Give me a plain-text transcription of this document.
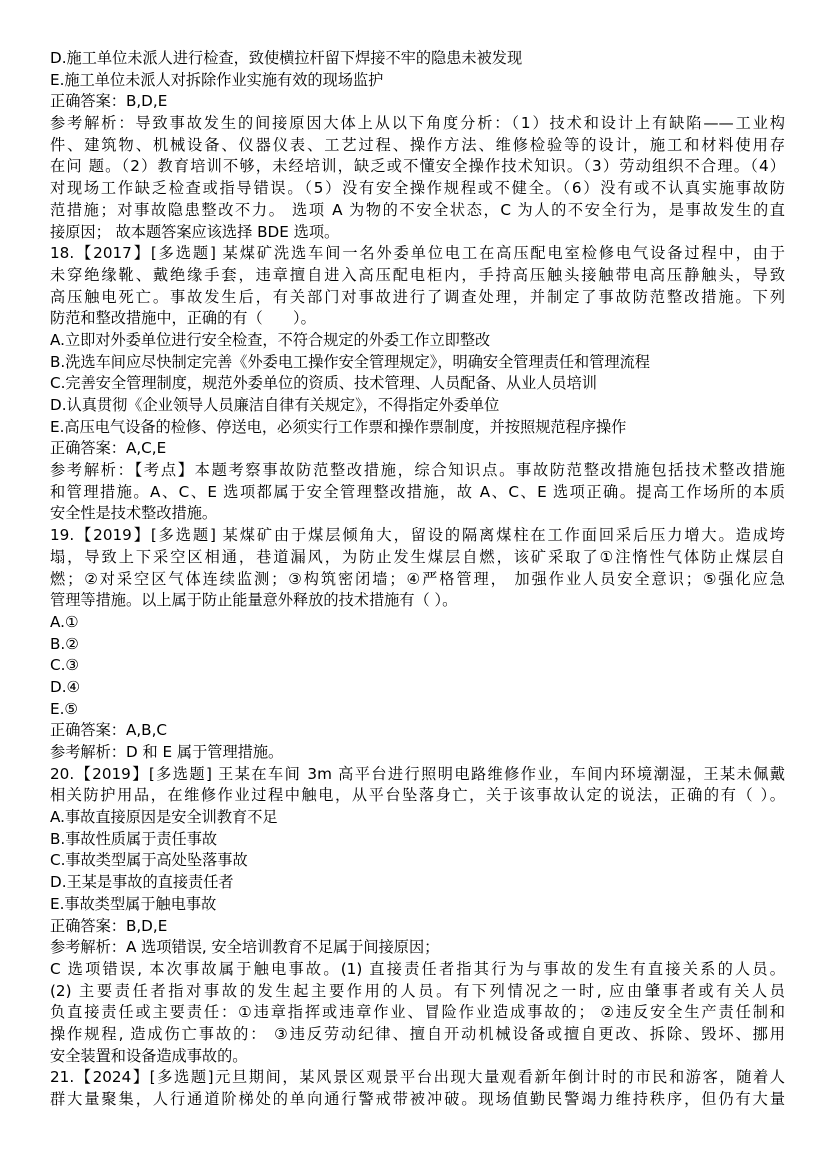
D.施工单位未派人进行检查，致使横拉杆留下焊接不牢的隐患未被发现
E.施工单位未派人对拆除作业实施有效的现场监护
正确答案：B,D,E
参考解析：导致事故发生的间接原因大体上从以下角度分析：（1）技术和设计上有缺陷——工业构
件、建筑物、机械设备、仪器仪表、工艺过程、操作方法、维修检验等的设计，施工和材料使用存
在问 题。（2）教育培训不够，未经培训，缺乏或不懂安全操作技术知识。（3）劳动组织不合理。（4）
对现场工作缺乏检查或指导错误。（5）没有安全操作规程或不健全。（6）没有或不认真实施事故防
范措施；对事故隐患整改不力。 选项 A 为物的不安全状态，C 为人的不安全行为，是事故发生的直
接原因； 故本题答案应该选择 BDE 选项。
18.【2017】[多选题] 某煤矿洗选车间一名外委单位电工在高压配电室检修电气设备过程中，由于
未穿绝缘靴、戴绝缘手套，违章擅自进入高压配电柜内，手持高压触头接触带电高压静触头，导致
高压触电死亡。事故发生后，有关部门对事故进行了调查处理，并制定了事故防范整改措施。下列
防范和整改措施中，正确的有（　　）。
A.立即对外委单位进行安全检查，不符合规定的外委工作立即整改
B.洗选车间应尽快制定完善《外委电工操作安全管理规定》，明确安全管理责任和管理流程
C.完善安全管理制度，规范外委单位的资质、技术管理、人员配备、从业人员培训
D.认真贯彻《企业领导人员廉洁自律有关规定》，不得指定外委单位
E.高压电气设备的检修、停送电，必须实行工作票和操作票制度，并按照规范程序操作
正确答案：A,C,E
参考解析：【考点】本题考察事故防范整改措施，综合知识点。事故防范整改措施包括技术整改措施
和管理措施。A、C、E 选项都属于安全管理整改措施，故 A、C、E 选项正确。提高工作场所的本质
安全性是技术整改措施。
19.【2019】[多选题] 某煤矿由于煤层倾角大，留设的隔离煤柱在工作面回采后压力增大。造成垮
塌，导致上下采空区相通，巷道漏风，为防止发生煤层自燃，该矿采取了①注惰性气体防止煤层自
燃；②对采空区气体连续监测；③构筑密闭墙；④严格管理， 加强作业人员安全意识；⑤强化应急
管理等措施。以上属于防止能量意外释放的技术措施有（ ）。
A.①
B.②
C.③
D.④
E.⑤
正确答案：A,B,C
参考解析：D 和 E 属于管理措施。
20.【2019】[多选题] 王某在车间 3m 高平台进行照明电路维修作业，车间内环境潮湿，王某未佩戴
相关防护用品，在维修作业过程中触电，从平台坠落身亡，关于该事故认定的说法，正确的有（ ）。
A.事故直接原因是安全训教育不足
B.事故性质属于责任事故
C.事故类型属于高处坠落事故
D.王某是事故的直接责任者
E.事故类型属于触电事故
正确答案：B,D,E
参考解析：A 选项错误, 安全培训教育不足属于间接原因；
C 选项错误, 本次事故属于触电事故。(1) 直接责任者指其行为与事故的发生有直接关系的人员。
(2) 主要责任者指对事故的发生起主要作用的人员。有下列情况之一时, 应由肇事者或有关人员
负直接责任或主要责任：①违章指挥或违章作业、冒险作业造成事故的； ②违反安全生产责任制和
操作规程, 造成伤亡事故的： ③违反劳动纪律、擅自开动机械设备或擅自更改、拆除、毁坏、挪用
安全装置和设备造成事故的。
21.【2024】[多选题]元旦期间，某风景区观景平台出现大量观看新年倒计时的市民和游客，随着人
群大量聚集，人行通道阶梯处的单向通行警戒带被冲破。现场值勤民警竭力维持秩序，但仍有大量
